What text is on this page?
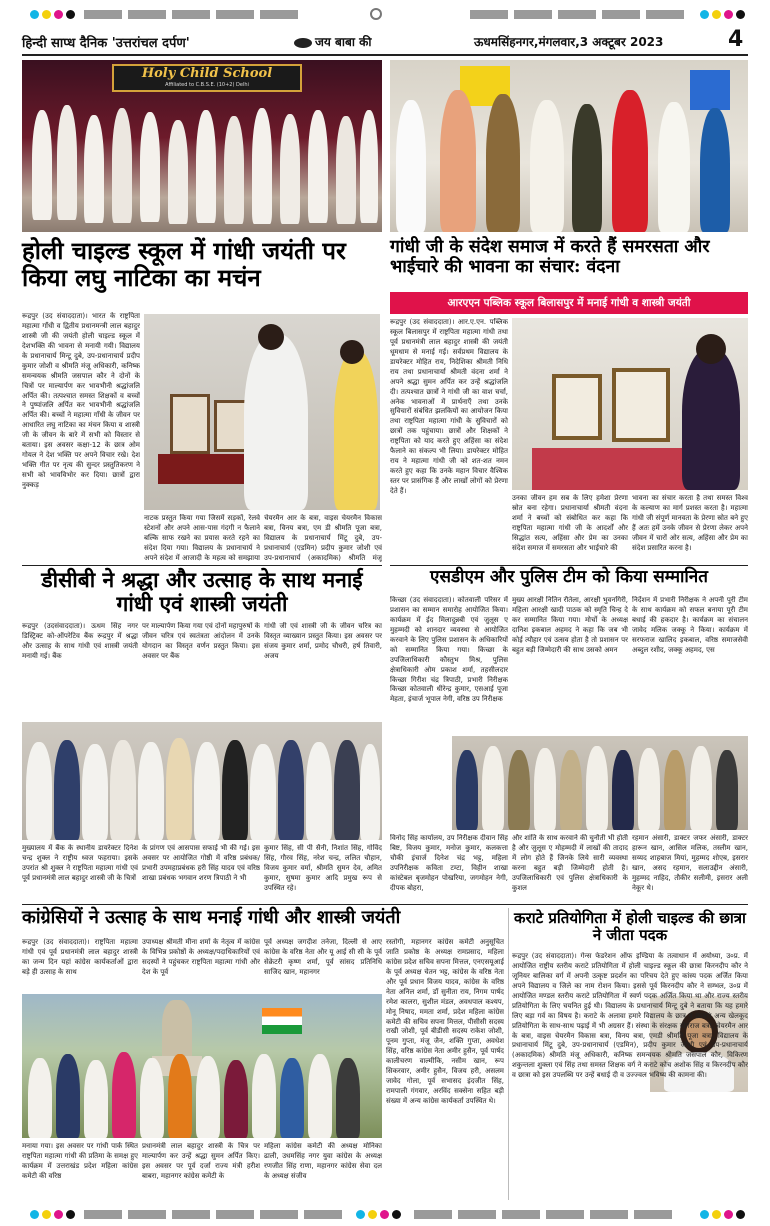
हिन्दी साप्ध दैनिक 'उत्तरांचल दर्पण'	जय बाबा की	ऊधमसिंहनगर,मंगलवार,3 अक्टूबर 2023	4
Holy Child School
Affiliated to C.B.S.E. (10+2) Delhi
होली चाइल्ड स्कूल में गांधी जयंती पर किया लघु नाटिका का मचंन
रूद्रपुर (उद संवाददाता)। भारत के राष्ट्रपिता महात्मा गाँधी व द्वितीय प्रधानमन्त्री लाल बहादुर शास्त्री जी की जयंती होली चाइल्ड स्कूल में देशभक्ति की भावना से मनायी गयी। विद्यालय के प्रधानाचार्य मिन्टू दुबे, उप-प्रधानाचार्य प्रदीप कुमार जोशी व श्रीमति मंजू अधिकारी, कनिष्क समन्वयक श्रीमति जसपाल कौर ने दोनों के चित्रों पर माल्यार्पण कर भावभीनी श्रद्धांजलि अर्पित की। तत्पश्चात समस्त शिक्षकों व बच्चों ने पुष्पांजलि अर्पित कर भावभीनी श्रद्धांजलि अर्पित की। बच्चों ने महात्मा गाँधी के जीवन पर आधारित लघु नाटिका का मंचन किया व शास्त्री जी के जीवन के बारे में सभी को विस्तार से बताया। इस अवसर कक्षा-12 के छात्र ओम गोयल ने देश भक्ति पर अपने विचार रखे। देश भक्ति गीत पर नृत्य की सुन्दर प्रस्तुतिकरण ने सभी को भावविभोर कर दिया। छात्रों द्वारा नुक्कड़
नाटक प्रस्तुत किया गया जिसमें सड़कों, रेलवे स्टेशनों और अपने आस-पास गंदगी न फैलाने बल्कि साफ रखने का प्रयास करते रहने का संदेश दिया गया। विद्यालय के प्रधानाचार्य ने अपने संदेश में आजादी के महत्व को समझाया
चेयरमैन आर के बत्रा, वाइस चेयरमैन विकास बत्रा, विनय बत्रा, एम डी श्रीमति पूजा बत्रा, विद्यालय के प्रधानाचार्य मिंटू दुबे, उप-प्रधानाचार्य (एडमिन) प्रदीप कुमार जोशी एवं उप-प्रधानाचार्य (अकादमिक) श्रीमति मंजू
गांधी जी के संदेश समाज में करते हैं समरसता और भाईचारे की भावना का संचार: वंदना
आरएएन पब्लिक स्कूल बिलासपुर में मनाई गांधी व शास्त्री जयंती
रूद्रपुर (उद संवाददाता)। आर.ए.एन. पब्लिक स्कूल बिलासपुर में राष्ट्रपिता महात्मा गांधी तथा पूर्व प्रधानमंत्री लाल बहादुर शास्त्री की जयंती धूमधाम से मनाई गई। सर्वप्रथम विद्यालय के डायरेक्टर मोहित राय, निदेशिका श्रीमती निधि राय तथा प्रधानाचार्या श्रीमती वंदना शर्मा ने अपने श्रद्धा सुमन अर्पित कर उन्हें श्रद्धांजलि दी। तत्पश्चात छात्रों ने गांधी जी का वाश चर्चा, अनेक भावनाओं में प्रार्थनाएँ तथा उनके सुविचारों संबंधित झलकियों का आयोजन किया तथा राष्ट्रपिता महात्मा गांधी के सुविचारों को छात्रों तक पहुंचाया। छात्रों और शिक्षकों ने राष्ट्रपिता को याद करते हुए अहिंसा का संदेश फैलाने का संकल्प भी लिया। डायरेक्टर मोहित राय ने महात्मा गांधी जी को शत-शत नमन करते हुए कहा कि उनके महान विचार वैश्विक स्तर पर प्रासंगिक हैं और लाखों लोगों को प्रेरणा देते हैं।
उनका जीवन हम सब के लिए हमेशा प्रेरणा स्रोत बना रहेगा। प्रधानाचार्या श्रीमती वंदना शर्मा ने बच्चों को संबोधित कर कहा कि राष्ट्रपिता महात्मा गांधी जी के आदर्शों और सिद्धांत सत्य, अहिंसा और प्रेम का उनका संदेश समाज में समरसता और भाईचारे की
भावना का संचार करता है तथा समस्त विश्व के कल्याण का मार्ग प्रशस्त करता है। महात्मा गांधी जी संपूर्ण मानवता के प्रेरणा स्रोत बने हुए हैं अतः हमें उनके जीवन से प्रेरणा लेकर अपने जीवन में चारों ओर सत्य, अहिंसा और प्रेम का संदेश प्रसारित करना है।
डीसीबी ने श्रद्धा और उत्साह के साथ मनाई गांधी एवं शास्त्री जयंती
रूद्रपुर (उदसंवाददाता)। ऊधम सिंह नगर डिस्ट्रिक्ट को-ऑपरेटिव बैंक रूद्रपुर में श्रद्धा और उत्साह के साथ गांधी एवं शास्त्री जयंती मनायी गई। बैंक
पर माल्यार्पण किया गया एवं दोनों महापुरुषों के जीवन चरित्र एवं स्वतंत्रता आंदोलन में उनके योगदान का विस्तृत वर्णन प्रस्तुत किया। इस अवसर पर बैंक
गांधी जी एवं शास्त्री जी के जीवन चरित्र का विस्तृत व्याख्यान प्रस्तुत किया। इस अवसर पर संजय कुमार शर्मा, प्रमोद चौधरी, हर्ष तिवारी, अजय
मुख्यालय में बैंक के स्थानीय डायरेक्टर दिनेश चन्द्र शुक्ल ने राष्ट्रीय ध्वज फहराया। इसके उपरांत श्री शुक्ल ने राष्ट्रपिता महात्मा गांधी एवं पूर्व प्रधानमंत्री लाल बहादुर शास्त्री जी के चित्रों
के प्रांगण एवं आसपास सफाई भी की गई। इस अवसर पर आयोजित गोष्ठी में वरिष्ठ प्रबंधक/प्रभारी उपमहाप्रबंधक हरी सिंह यादव एवं वरिष्ठ शाखा प्रबंधक भगवान शरण त्रिपाठी ने भी
कुमार सिंह, सी पी सैनी, निशांत सिंह, गोविंद सिंह, गौरव सिंह, नरेश चन्द्र, ललित चौहान, विजय कुमार वर्मा, श्रीमति सुमन देव, अमित कुमार, सुषमा कुमार आदि प्रमुख रूप से उपस्थित रहे।
एसडीएम और पुलिस टीम को किया सम्मानित
किच्छा (उद संवाददाता)। कोतवाली परिसर में प्रशासन का सम्मान समारोह आयोजित किया। कार्यक्रम में ईद मिलादुन्नबी एवं जुलूस ए मुहम्मदी को शानदार व्यवस्था से आयोजित करवाने के लिए पुलिस प्रशासन के अधिकारियों को सम्मानित किया गया। किच्छा के उपजिलाधिकारी कौस्तुभ मिश्र, पुलिस क्षेत्राधिकारी ओम प्रकाश शर्मा, तहसीलदार किच्छा गिरीश चंद्र त्रिपाठी, प्रभारी निरीक्षक किच्छा कोतवाली धीरेन्द्र कुमार, एसआई पूजा मेहता, इंचार्ज भूपाल नेगी, वरिष्ठ उप निरीक्षक
मुख्य आरक्षी नितिन रौतेला, आरक्षी भुवनगिरी, महिला आरक्षी खादी पाठक को स्मृति चिन्ह दे कर सम्मानित किया गया। मोर्चो के अध्यक्ष दानिश इकबाल अहमद ने कहा कि जब भी कोई त्यौहार एवं उत्सव होता है तो प्रशासन पर बहुत बड़ी जिम्मेदारी की साथ उसको अमन
निर्देशन में प्रभारी निरीक्षक ने अपनी पूरी टीम के साथ कार्यक्रम को सफल बनाया पूरी टीम बधाई की हकदार है। कार्यक्रम का संचालन जावेद मलिक जक्कू ने किया। कार्यक्रम में सरफराज खालिद इकबाल, वरिष्ठ समाजसेवी अब्दुल रशीद, जक्कू अहमद, एस
विनोद सिंह कार्यालय, उप निरीक्षक दीवान सिंह बिष्ट, विजय कुमार, मनोज कुमार, कलकत्ता चौकी इंचार्ज दिनेश चंद्र भट्ट, महिला उपनिरीक्षक कविता टम्टा, विहीन शाखा कांस्टेबल बृजमोहन पोखरिया, जगमोहन नेगी, दीपक बोहरा,
और शांति के साथ करवाने की चुनौती भी होती है और जुलूस ए मोहम्मदी में लाखों की तादाद में लोग होते हैं जिनके लिये सारी व्यवस्था करना बहुत बड़ी जिम्मेदारी होती है। उपजिलाधिकारी एवं पुलिस क्षेत्राधिकारी के कुशल
रहमान अंसारी, डाक्टर जफर अंसारी, डाक्टर हारून खान, आसिल मलिक, तस्लीम खान, सय्यद शाहबाज मियां, मुहम्मद शोएब, इसरार खान, असद रहमान, सलाउद्दीन अंसारी, मुहम्मद नाहिद, तौकीर सलीमी, इसरार अली नेकूर थे।
कांग्रेसियों ने उत्साह के साथ मनाई गांधी और शास्त्री जयंती
रूद्रपुर (उद संवाददाता)। राष्ट्रपिता महात्मा गांधी एवं पूर्व प्रधानमंत्री लाल बहादुर शास्त्री का जन्म दिन यहां कांग्रेस कार्यकर्ताओं द्वारा बड़े ही उत्साह के साथ
उपाध्यक्ष श्रीमती मीना शर्मा के नेतृत्व में कांग्रेस के विभिन्न प्रकोष्ठों के अध्यक्ष/पदाधिकारियों एवं सदस्यों ने पहुंचकर राष्ट्रपिता महात्मा गांधी और देश के पूर्व
पूर्व अध्यक्ष जगदीश तनेजा, दिल्ली से आए कांग्रेस के वरिष्ठ नेता और यू आई सी सी के पूर्व सेक्रेटरी कृष्ण शर्मा, पूर्व सांसद प्रतिनिधि साजिद खान, महानगर
रस्तोगी, महानगर कांग्रेस कमेटी अनुसूचित जाति प्रकोष्ठ के अध्यक्ष रामप्रसाद, महिला कांग्रेस प्रदेश सचिव सपना मित्तल, एनएसयूआई के पूर्व अध्यक्ष चेतन भट्ट, कांग्रेस के वरिष्ठ नेता और पूर्व प्रधान विजय यादव, कांग्रेस के वरिष्ठ नेता अनिल शर्मा, डॉ सुनीता राय, निगम पार्षद रमेश कालरा, सुशील मंडल, अवधपाल कश्यप, मोनू निषाद, ममता शर्मा, प्रदेश महिला कांग्रेस कमेटी की सचिव सपना मित्तल, पीसीसी सदस्य राखी जोशी, पूर्व बीडीसी सदस्य राकेश जोशी, पूनम गुप्ता, मंजू जैन, शक्ति गुप्ता, अवधेश सिंह, वरिष्ठ कांग्रेस नेता अमीर हुसैन, पूर्व पार्षद कालीचरण वाल्मीकि, नसीम खान, रूप सिकरवार, अमीर हुसैन, विजय हरी, असलम जावेद गोला, पूर्व सभासद इंदजीत सिंह, रामपाली गंगवार, अरविंद सक्सेना सहित बड़ी संख्या में अन्य कांग्रेस कार्यकर्ता उपस्थित थे।
मनाया गया। इस अवसर पर गांधी पार्क स्थित राष्ट्रपिता महात्मा गांधी की प्रतिमा के समक्ष हुए कार्यक्रम में उत्तराखंड प्रदेश महिला कांग्रेस कमेटी की वरिष्ठ
प्रधानमंत्री लाल बहादुर शास्त्री के चित्र पर माल्यार्पण कर उन्हें श्रद्धा सुमन अर्पित किए। इस अवसर पर पूर्व दर्जा राज्य मंत्री हरीश बाबरा, महानगर कांग्रेस कमेटी के
महिला कांग्रेस कमेटी की अध्यक्ष मोनिका ढाली, उधमसिंह नगर युवा कांग्रेस के अध्यक्ष रणजीत सिंह राणा, महानगर कांग्रेस सेवा दल के अध्यक्ष संजीव
कराटे प्रतियोगिता में होली चाइल्ड की छात्रा ने जीता पदक
रूद्रपुर (उद संवाददाता)। गेन्स फेडरेशन ऑफ इण्डिया के तत्वाधान में अयोध्या, उ०प्र. में आयोजित राष्ट्रीय स्तरीय कराटे प्रतियोगिता में होली चाइल्ड स्कूल की छात्रा किरनदीप कौर ने जूनियर बालिका वर्ग में अपनी उत्कृष्ट प्रदर्शन का परिचय देते हुए कांस्य पदक अर्जित किया अपने विद्यालय व जिले का नाम रोशन किया। इससे पूर्व किरनदीप कौर ने सम्भल, उ०प्र में आयोजित मण्डल स्तरीय कराटे प्रतियोगिता में स्वर्ण पदक अर्जित किया था और राज्य स्तरीय प्रतियोगिता के लिए चयनित हुई थी। विद्यालय के प्रधानाचार्य मिन्टू दुबे ने बताया कि यह हमारे लिए बड़ा गर्व का विषय है। कराटे के अलावा हमारे विद्यालय के छात्र व छात्राएं अन्य खेलकूद प्रतियोगिता के साथ-साथ पढ़ाई में भी अग्रसर हैं। संस्था के संरक्षक योगराज बत्रा, चेयरमैन आर के बत्रा, वाइस चेयरमैन विकास बत्रा, विनय बत्रा, एमडी श्रीमति पूजा बत्रा, विद्यालय के प्रधानाचार्य मिंटू दुबे, उप-प्रधानाचार्य (एडमिन), प्रदीप कुमार जोशी एवं उप-प्रधानाचार्य (अकादमिक) श्रीमति मंजू अधिकारी, कनिष्क समन्वयक श्रीमति जसपाल कौर, विकिरण शकुन्तला शुक्ला एवं सिंह तथा समस्त शिक्षक वर्ग ने कराटे कोच अशोक सिंह व किरनदीप कौर व छात्रा को इस उपलब्धि पर उन्हें बधाई दी व उज्ज्वल भविष्य की कामना की।
